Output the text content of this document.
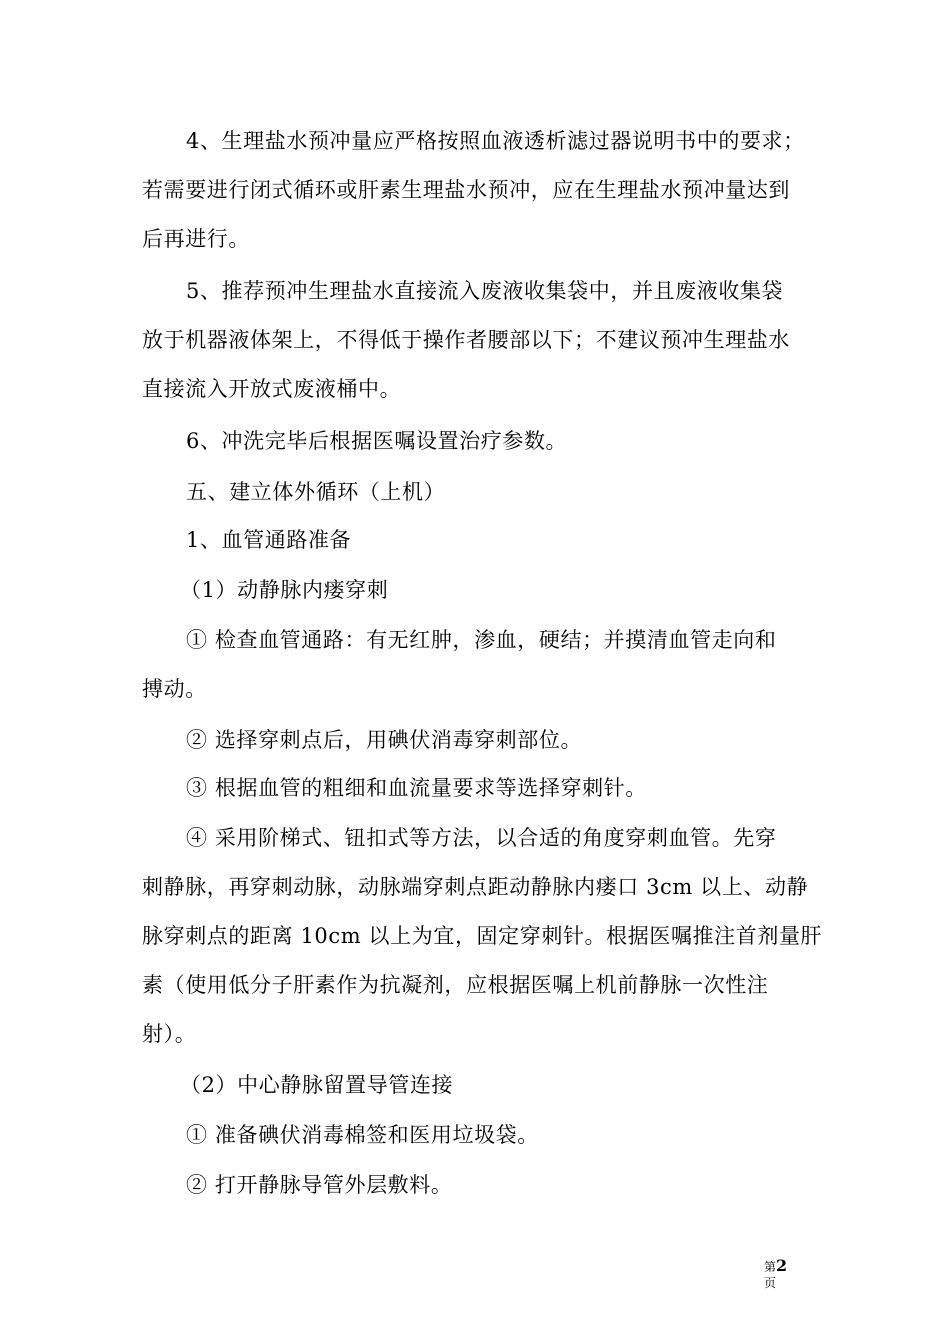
4、生理盐水预冲量应严格按照血液透析滤过器说明书中的要求；
若需要进行闭式循环或肝素生理盐水预冲，应在生理盐水预冲量达到
后再进行。
5、推荐预冲生理盐水直接流入废液收集袋中，并且废液收集袋
放于机器液体架上，不得低于操作者腰部以下；不建议预冲生理盐水
直接流入开放式废液桶中。
6、冲洗完毕后根据医嘱设置治疗参数。
五、建立体外循环（上机）
1、血管通路准备
（1）动静脉内瘘穿刺
① 检查血管通路：有无红肿，渗血，硬结；并摸清血管走向和
搏动。
② 选择穿刺点后，用碘伏消毒穿刺部位。
③ 根据血管的粗细和血流量要求等选择穿刺针。
④ 采用阶梯式、钮扣式等方法，以合适的角度穿刺血管。先穿
刺静脉，再穿刺动脉，动脉端穿刺点距动静脉内瘘口 3cm 以上、动静
脉穿刺点的距离 10cm 以上为宜，固定穿刺针。根据医嘱推注首剂量肝
素（使用低分子肝素作为抗凝剂，应根据医嘱上机前静脉一次性注
射）。
（2）中心静脉留置导管连接
① 准备碘伏消毒棉签和医用垃圾袋。
② 打开静脉导管外层敷料。
第2
页
